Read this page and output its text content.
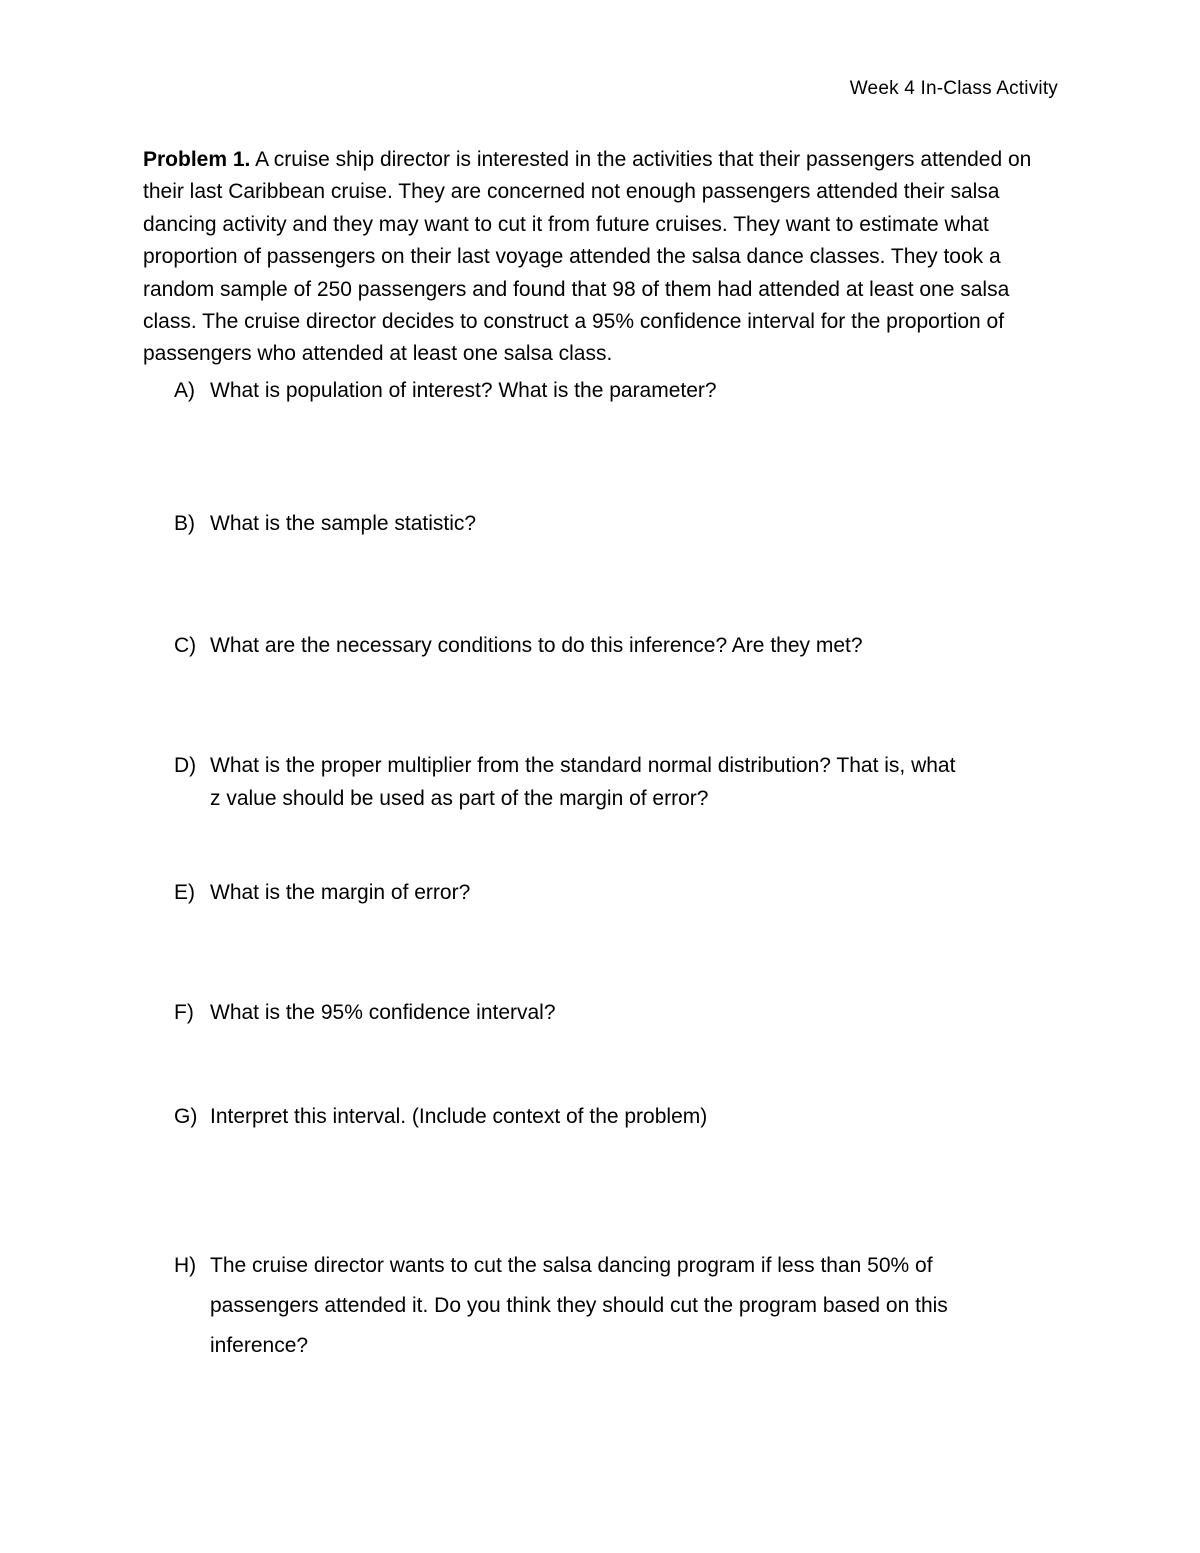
Week 4 In-Class Activity

Problem 1. A cruise ship director is interested in the activities that their passengers attended on their last Caribbean cruise. They are concerned not enough passengers attended their salsa dancing activity and they may want to cut it from future cruises. They want to estimate what proportion of passengers on their last voyage attended the salsa dance classes. They took a random sample of 250 passengers and found that 98 of them had attended at least one salsa class. The cruise director decides to construct a 95% confidence interval for the proportion of passengers who attended at least one salsa class.

A) What is population of interest? What is the parameter?
B) What is the sample statistic?
C) What are the necessary conditions to do this inference? Are they met?
D) What is the proper multiplier from the standard normal distribution? That is, what z value should be used as part of the margin of error?
E) What is the margin of error?
F) What is the 95% confidence interval?
G) Interpret this interval. (Include context of the problem)
H) The cruise director wants to cut the salsa dancing program if less than 50% of passengers attended it. Do you think they should cut the program based on this inference?
